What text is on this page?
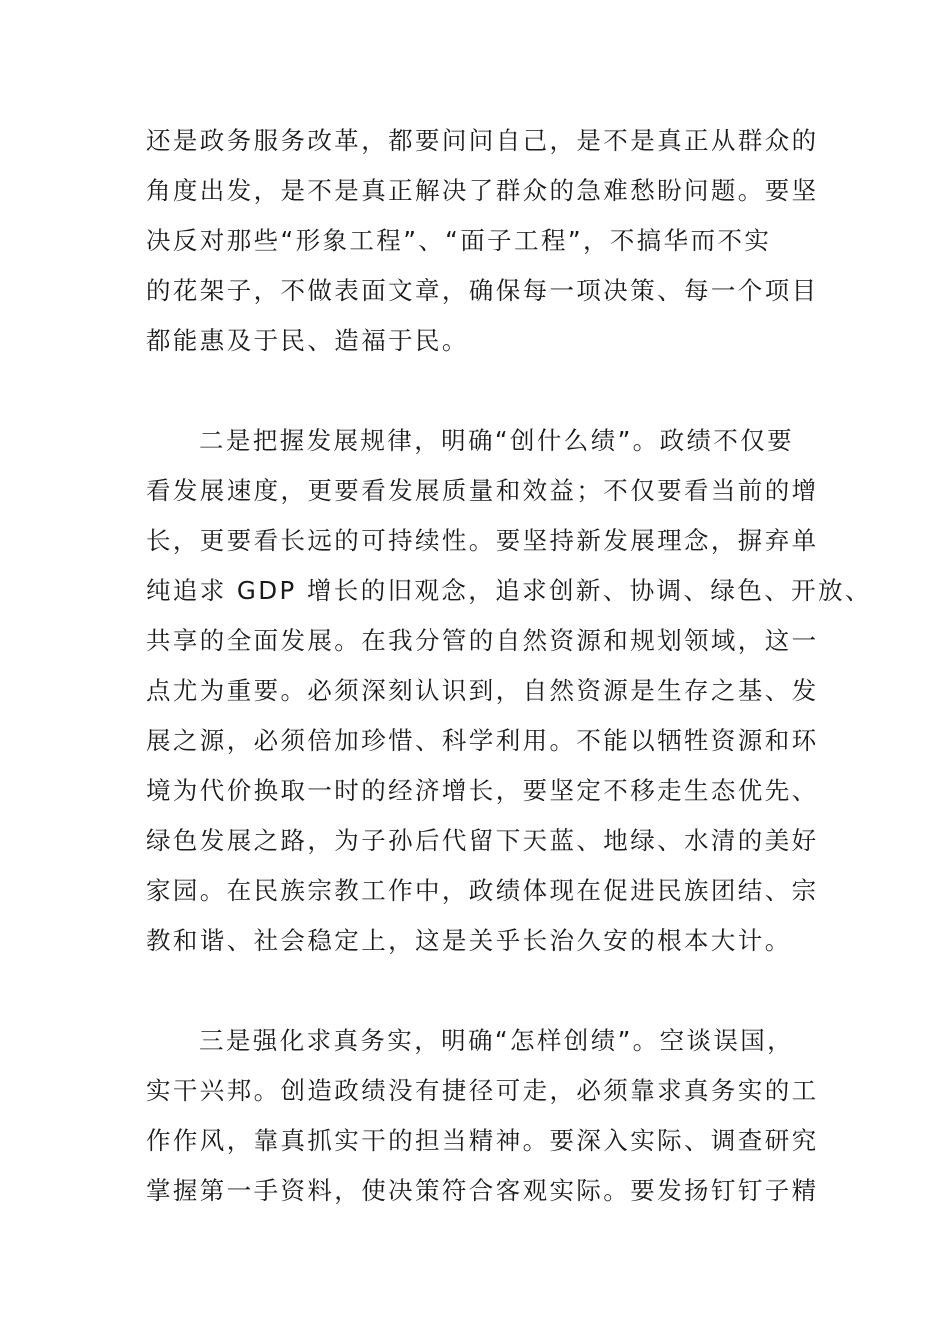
还是政务服务改革，都要问问自己，是不是真正从群众的
角度出发，是不是真正解决了群众的急难愁盼问题。要坚
决反对那些“形象工程”、“面子工程”，不搞华而不实
的花架子，不做表面文章，确保每一项决策、每一个项目
都能惠及于民、造福于民。
二是把握发展规律，明确“创什么绩”。政绩不仅要
看发展速度，更要看发展质量和效益；不仅要看当前的增
长，更要看长远的可持续性。要坚持新发展理念，摒弃单
纯追求 GDP 增长的旧观念，追求创新、协调、绿色、开放、
共享的全面发展。在我分管的自然资源和规划领域，这一
点尤为重要。必须深刻认识到，自然资源是生存之基、发
展之源，必须倍加珍惜、科学利用。不能以牺牲资源和环
境为代价换取一时的经济增长，要坚定不移走生态优先、
绿色发展之路，为子孙后代留下天蓝、地绿、水清的美好
家园。在民族宗教工作中，政绩体现在促进民族团结、宗
教和谐、社会稳定上，这是关乎长治久安的根本大计。
三是强化求真务实，明确“怎样创绩”。空谈误国，
实干兴邦。创造政绩没有捷径可走，必须靠求真务实的工
作作风，靠真抓实干的担当精神。要深入实际、调查研究
掌握第一手资料，使决策符合客观实际。要发扬钉钉子精
